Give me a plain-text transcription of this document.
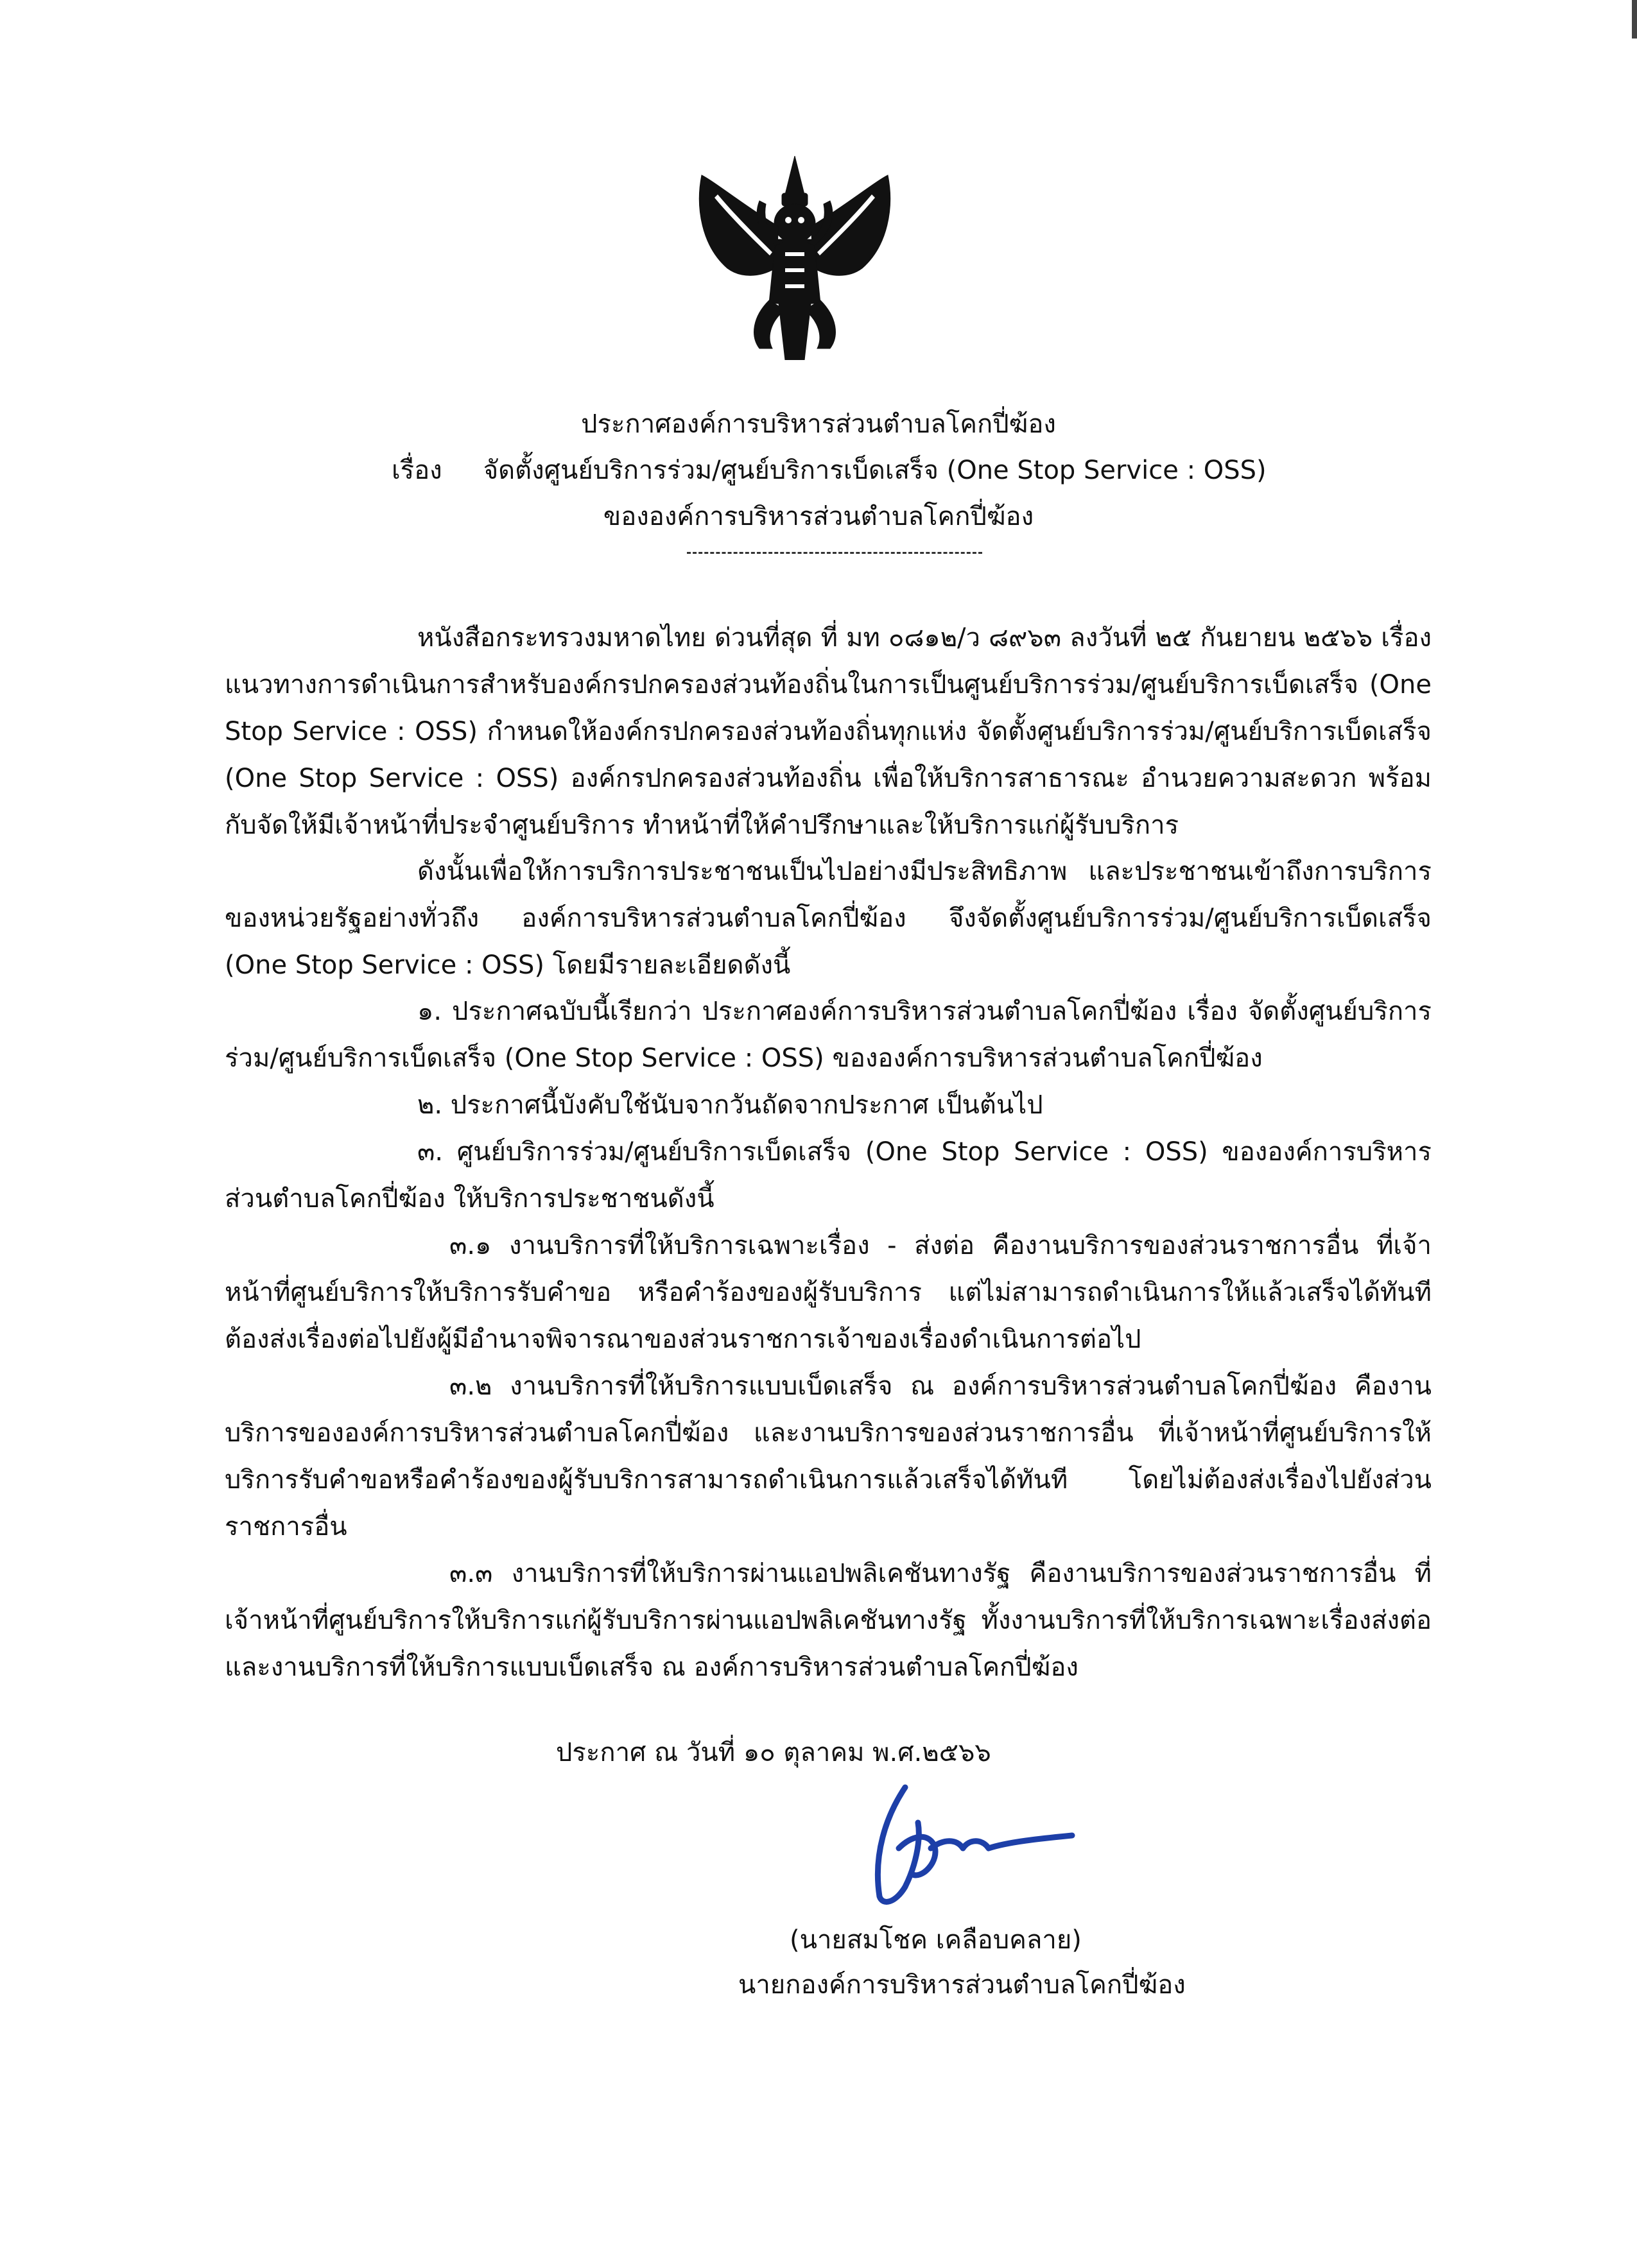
ประกาศองค์การบริหารส่วนตำบลโคกปี่ฆ้อง
เรื่อง จัดตั้งศูนย์บริการร่วม/ศูนย์บริการเบ็ดเสร็จ (One Stop Service : OSS)
ขององค์การบริหารส่วนตำบลโคกปี่ฆ้อง

หนังสือกระทรวงมหาดไทย ด่วนที่สุด ที่ มท ๐๘๑๒/ว ๘๙๖๓ ลงวันที่ ๒๕ กันยายน ๒๕๖๖ เรื่อง แนวทางการดำเนินการสำหรับองค์กรปกครองส่วนท้องถิ่นในการเป็นศูนย์บริการร่วม/ศูนย์บริการเบ็ดเสร็จ (One Stop Service : OSS) กำหนดให้องค์กรปกครองส่วนท้องถิ่นทุกแห่ง จัดตั้งศูนย์บริการร่วม/ศูนย์บริการเบ็ดเสร็จ (One Stop Service : OSS) องค์กรปกครองส่วนท้องถิ่น เพื่อให้บริการสาธารณะ อำนวยความสะดวก พร้อมกับจัดให้มีเจ้าหน้าที่ประจำศูนย์บริการ ทำหน้าที่ให้คำปรึกษาและให้บริการแก่ผู้รับบริการ

ดังนั้นเพื่อให้การบริการประชาชนเป็นไปอย่างมีประสิทธิภาพ และประชาชนเข้าถึงการบริการของหน่วยรัฐอย่างทั่วถึง องค์การบริหารส่วนตำบลโคกปี่ฆ้อง จึงจัดตั้งศูนย์บริการร่วม/ศูนย์บริการเบ็ดเสร็จ (One Stop Service : OSS) โดยมีรายละเอียดดังนี้

๑. ประกาศฉบับนี้เรียกว่า ประกาศองค์การบริหารส่วนตำบลโคกปี่ฆ้อง เรื่อง จัดตั้งศูนย์บริการร่วม/ศูนย์บริการเบ็ดเสร็จ (One Stop Service : OSS) ขององค์การบริหารส่วนตำบลโคกปี่ฆ้อง

๒. ประกาศนี้บังคับใช้นับจากวันถัดจากประกาศ เป็นต้นไป

๓. ศูนย์บริการร่วม/ศูนย์บริการเบ็ดเสร็จ (One Stop Service : OSS) ขององค์การบริหารส่วนตำบลโคกปี่ฆ้อง ให้บริการประชาชนดังนี้

๓.๑ งานบริการที่ให้บริการเฉพาะเรื่อง - ส่งต่อ คืองานบริการของส่วนราชการอื่น ที่เจ้าหน้าที่ศูนย์บริการให้บริการรับคำขอ หรือคำร้องของผู้รับบริการ แต่ไม่สามารถดำเนินการให้แล้วเสร็จได้ทันที ต้องส่งเรื่องต่อไปยังผู้มีอำนาจพิจารณาของส่วนราชการเจ้าของเรื่องดำเนินการต่อไป

๓.๒ งานบริการที่ให้บริการแบบเบ็ดเสร็จ ณ องค์การบริหารส่วนตำบลโคกปี่ฆ้อง คืองานบริการขององค์การบริหารส่วนตำบลโคกปี่ฆ้อง และงานบริการของส่วนราชการอื่น ที่เจ้าหน้าที่ศูนย์บริการให้บริการรับคำขอหรือคำร้องของผู้รับบริการสามารถดำเนินการแล้วเสร็จได้ทันที โดยไม่ต้องส่งเรื่องไปยังส่วนราชการอื่น

๓.๓ งานบริการที่ให้บริการผ่านแอปพลิเคชันทางรัฐ คืองานบริการของส่วนราชการอื่น ที่เจ้าหน้าที่ศูนย์บริการให้บริการแก่ผู้รับบริการผ่านแอปพลิเคชันทางรัฐ ทั้งงานบริการที่ให้บริการเฉพาะเรื่องส่งต่อ และงานบริการที่ให้บริการแบบเบ็ดเสร็จ ณ องค์การบริหารส่วนตำบลโคกปี่ฆ้อง

ประกาศ ณ วันที่ ๑๐ ตุลาคม พ.ศ.๒๕๖๖
(นายสมโชค เคลือบคลาย)
นายกองค์การบริหารส่วนตำบลโคกปี่ฆ้อง
